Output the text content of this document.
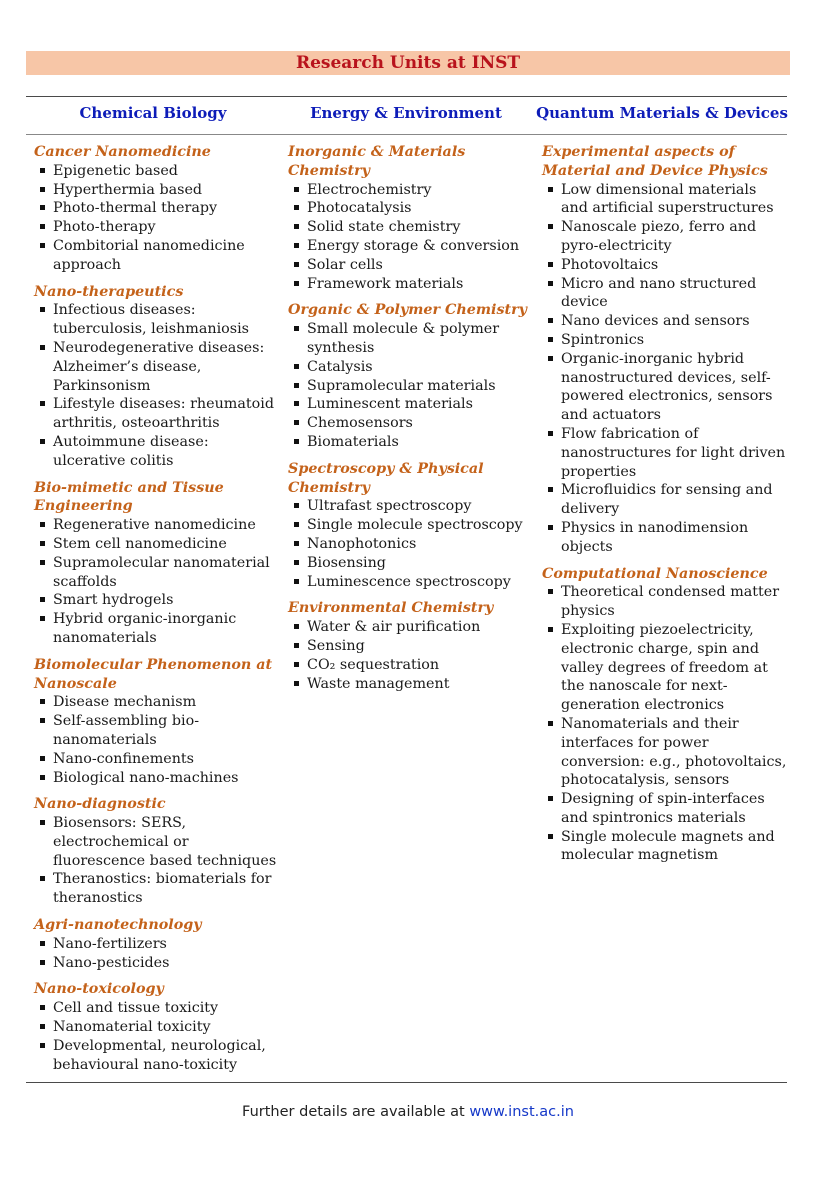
Research Units at INST
Chemical Biology	Energy & Environment	Quantum Materials & Devices
Cancer Nanomedicine
Epigenetic based
Hyperthermia based
Photo-thermal therapy
Photo-therapy
Combitorial nanomedicine approach
Nano-therapeutics
Infectious diseases: tuberculosis, leishmaniosis
Neurodegenerative diseases: Alzheimer’s disease, Parkinsonism
Lifestyle diseases: rheumatoid arthritis, osteoarthritis
Autoimmune disease: ulcerative colitis
Bio-mimetic and Tissue Engineering
Regenerative nanomedicine
Stem cell nanomedicine
Supramolecular nanomaterial scaffolds
Smart hydrogels
Hybrid organic-inorganic nanomaterials
Biomolecular Phenomenon at Nanoscale
Disease mechanism
Self-assembling bio-nanomaterials
Nano-confinements
Biological nano-machines
Nano-diagnostic
Biosensors: SERS, electrochemical or fluorescence based techniques
Theranostics: biomaterials for theranostics
Agri-nanotechnology
Nano-fertilizers
Nano-pesticides
Nano-toxicology
Cell and tissue toxicity
Nanomaterial toxicity
Developmental, neurological, behavioural nano-toxicity
Inorganic & Materials Chemistry
Electrochemistry
Photocatalysis
Solid state chemistry
Energy storage & conversion
Solar cells
Framework materials
Organic & Polymer Chemistry
Small molecule & polymer synthesis
Catalysis
Supramolecular materials
Luminescent materials
Chemosensors
Biomaterials
Spectroscopy & Physical Chemistry
Ultrafast spectroscopy
Single molecule spectroscopy
Nanophotonics
Biosensing
Luminescence spectroscopy
Environmental Chemistry
Water & air purification
Sensing
CO₂ sequestration
Waste management
Experimental aspects of Material and Device Physics
Low dimensional materials and artificial superstructures
Nanoscale piezo, ferro and pyro-electricity
Photovoltaics
Micro and nano structured device
Nano devices and sensors
Spintronics
Organic-inorganic hybrid nanostructured devices, self-powered electronics, sensors and actuators
Flow fabrication of nanostructures for light driven properties
Microfluidics for sensing and delivery
Physics in nanodimension objects
Computational Nanoscience
Theoretical condensed matter physics
Exploiting piezoelectricity, electronic charge, spin and valley degrees of freedom at the nanoscale for next-generation electronics
Nanomaterials and their interfaces for power conversion: e.g., photovoltaics, photocatalysis, sensors
Designing of spin-interfaces and spintronics materials
Single molecule magnets and molecular magnetism
Further details are available at www.inst.ac.in
